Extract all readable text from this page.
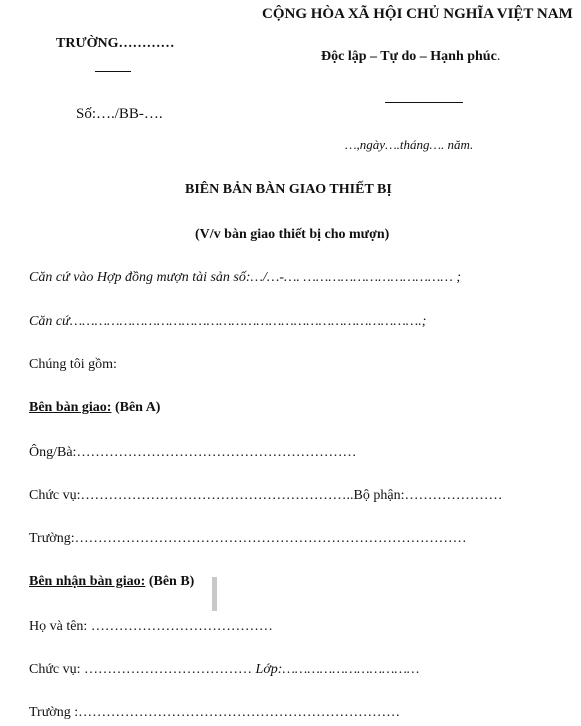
CỘNG HÒA XÃ HỘI CHỦ NGHĨA VIỆT NAM
TRƯỜNG…………
Độc lập – Tự do – Hạnh phúc.
Số:…./BB-….
…,ngày….tháng…. năm.
BIÊN BẢN BÀN GIAO THIẾT BỊ
(V/v bàn giao thiết bị cho mượn)
Căn cứ vào Hợp đồng mượn tài sản số:…/…-…. ……………………………… ;
Căn cứ………………………………………………………………………….;
Chúng tôi gồm:
Bên bàn giao: (Bên A)
Ông/Bà:……………………………………………………
Chức vụ:…………………………………………………..Bộ phận:…………………
Trường:…………………………………………………………………………
Bên nhận bàn giao: (Bên B)
Họ và tên: …………………………………
Chức vụ: ……………………………… Lớp:……………………………
Trường :……………………………………………………………
